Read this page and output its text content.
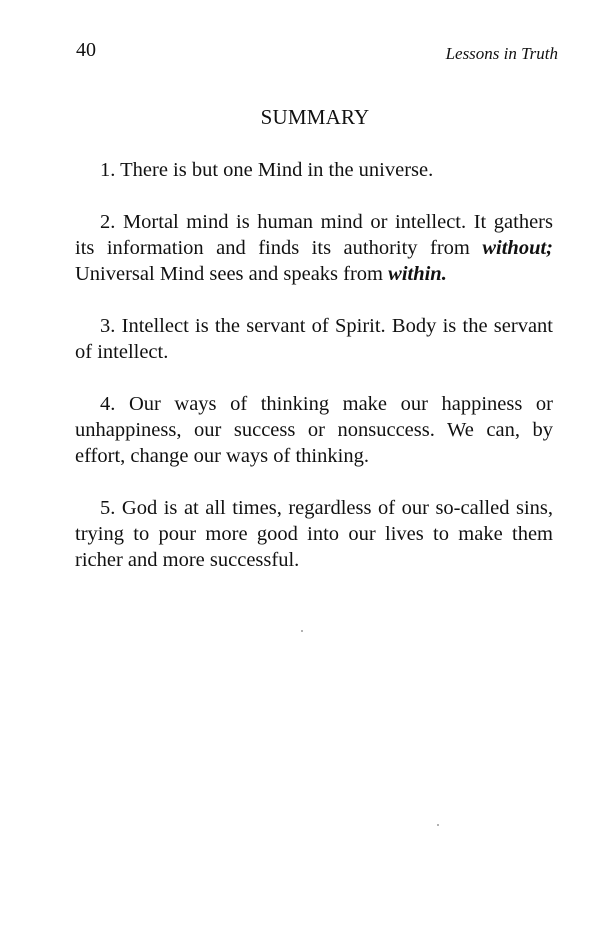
40	Lessons in Truth
SUMMARY

1. There is but one Mind in the universe.

2. Mortal mind is human mind or intellect. It gathers its information and finds its authority from without; Universal Mind sees and speaks from within.

3. Intellect is the servant of Spirit. Body is the servant of intellect.

4. Our ways of thinking make our happiness or unhappiness, our success or nonsuccess. We can, by effort, change our ways of thinking.

5. God is at all times, regardless of our so-called sins, trying to pour more good into our lives to make them richer and more successful.
